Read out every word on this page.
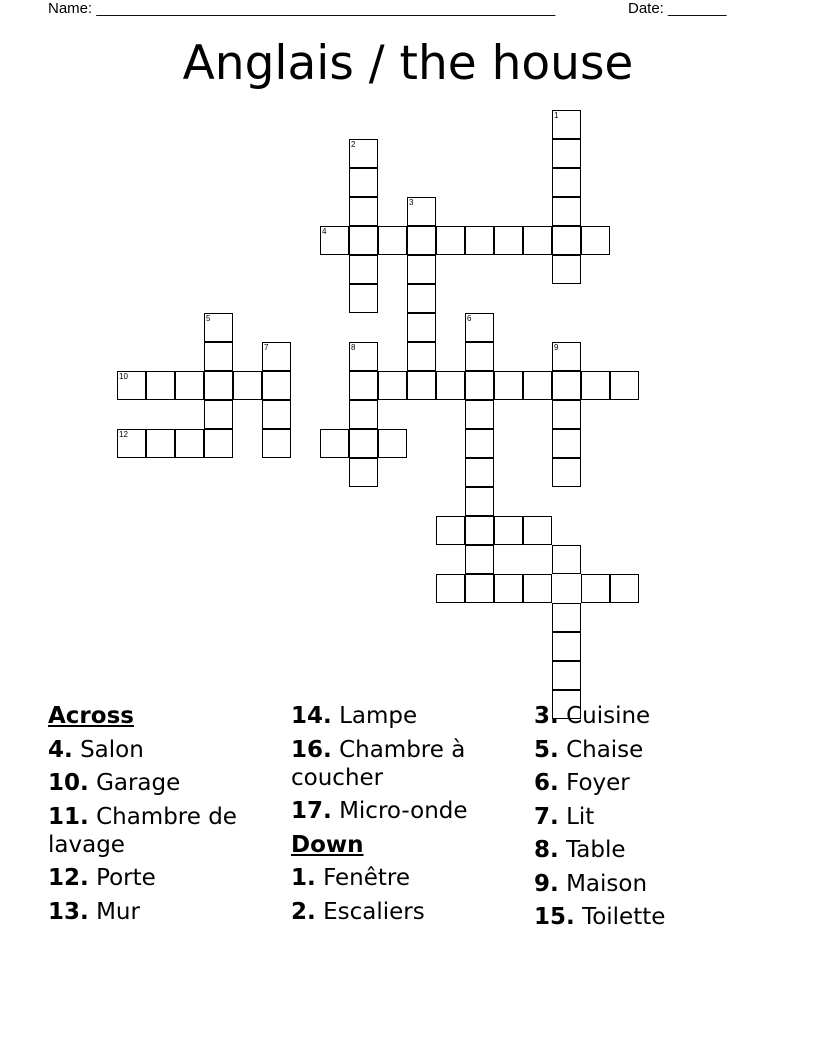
Name: _______________________________________________________	Date: _______
Anglais / the house
1
2
3
4
5	6
7	8	9
10
12
Across
4. Salon
10. Garage
11. Chambre de lavage
12. Porte
13. Mur
14. Lampe
16. Chambre à coucher
17. Micro-onde
Down
1. Fenêtre
2. Escaliers
3. Cuisine
5. Chaise
6. Foyer
7. Lit
8. Table
9. Maison
15. Toilette
